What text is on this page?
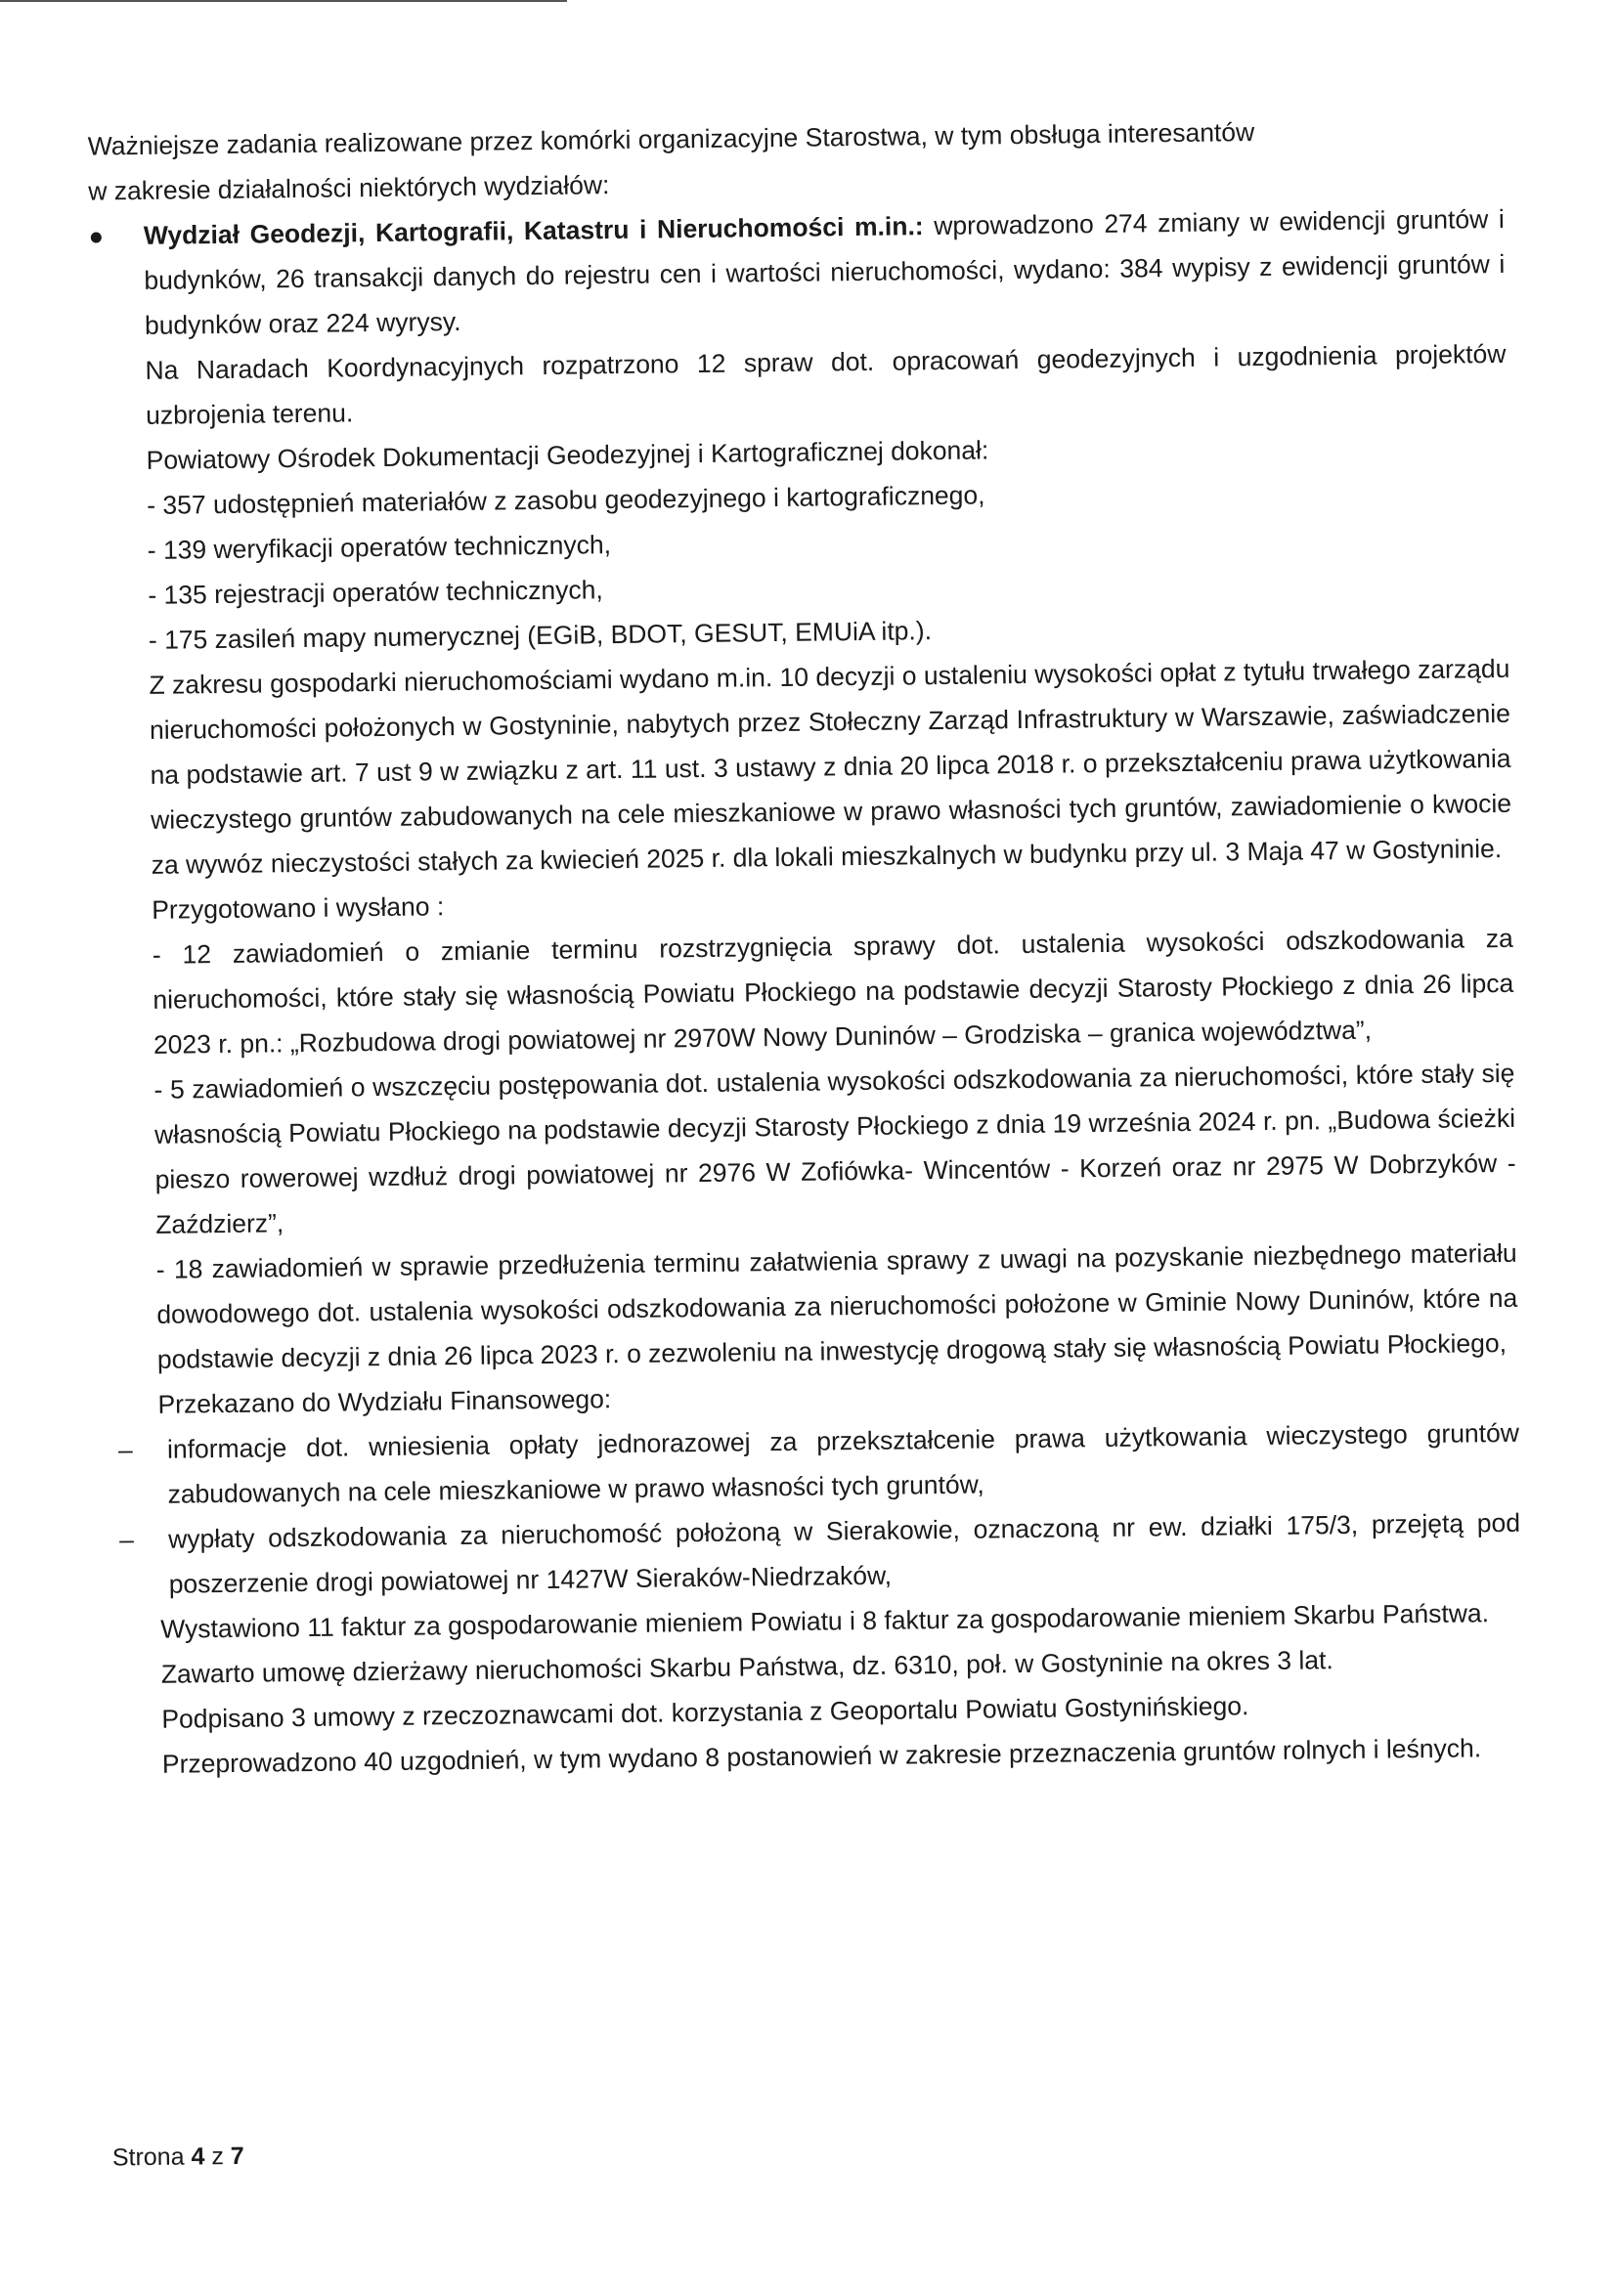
Ważniejsze zadania realizowane przez komórki organizacyjne Starostwa, w tym obsługa interesantów

w zakresie działalności niektórych wydziałów:

Wydział Geodezji, Kartografii, Katastru i Nieruchomości m.in.: wprowadzono 274 zmiany w ewidencji gruntów i budynków, 26 transakcji danych do rejestru cen i wartości nieruchomości, wydano: 384 wypisy z ewidencji gruntów i budynków oraz 224 wyrysy.

Na Naradach Koordynacyjnych rozpatrzono 12 spraw dot. opracowań geodezyjnych i uzgodnienia projektów uzbrojenia terenu.

Powiatowy Ośrodek Dokumentacji Geodezyjnej i Kartograficznej dokonał:

- 357 udostępnień materiałów z zasobu geodezyjnego i kartograficznego,

- 139 weryfikacji operatów technicznych,

- 135 rejestracji operatów technicznych,

- 175 zasileń mapy numerycznej (EGiB, BDOT, GESUT, EMUiA itp.).

Z zakresu gospodarki nieruchomościami wydano m.in. 10 decyzji o ustaleniu wysokości opłat z tytułu trwałego zarządu nieruchomości położonych w Gostyninie, nabytych przez Stołeczny Zarząd Infrastruktury w Warszawie, zaświadczenie na podstawie art. 7 ust 9 w związku z art. 11 ust. 3 ustawy z dnia 20 lipca 2018 r. o przekształceniu prawa użytkowania wieczystego gruntów zabudowanych na cele mieszkaniowe w prawo własności tych gruntów, zawiadomienie o kwocie za wywóz nieczystości stałych za kwiecień 2025 r. dla lokali mieszkalnych w budynku przy ul. 3 Maja 47 w Gostyninie.

Przygotowano i wysłano :

- 12 zawiadomień o zmianie terminu rozstrzygnięcia sprawy dot. ustalenia wysokości odszkodowania za nieruchomości, które stały się własnością Powiatu Płockiego na podstawie decyzji Starosty Płockiego z dnia 26 lipca 2023 r. pn.: „Rozbudowa drogi powiatowej nr 2970W Nowy Duninów – Grodziska – granica województwa”,

- 5 zawiadomień o wszczęciu postępowania dot. ustalenia wysokości odszkodowania za nieruchomości, które stały się własnością Powiatu Płockiego na podstawie decyzji Starosty Płockiego z dnia 19 września 2024 r. pn. „Budowa ścieżki pieszo rowerowej wzdłuż drogi powiatowej nr 2976 W Zofiówka- Wincentów - Korzeń oraz nr 2975 W Dobrzyków - Zaździerz”,

- 18 zawiadomień w sprawie przedłużenia terminu załatwienia sprawy z uwagi na pozyskanie niezbędnego materiału dowodowego dot. ustalenia wysokości odszkodowania za nieruchomości położone w Gminie Nowy Duninów, które na podstawie decyzji z dnia 26 lipca 2023 r. o zezwoleniu na inwestycję drogową stały się własnością Powiatu Płockiego,

Przekazano do Wydziału Finansowego:

– informacje dot. wniesienia opłaty jednorazowej za przekształcenie prawa użytkowania wieczystego gruntów zabudowanych na cele mieszkaniowe w prawo własności tych gruntów,

– wypłaty odszkodowania za nieruchomość położoną w Sierakowie, oznaczoną nr ew. działki 175/3, przejętą pod poszerzenie drogi powiatowej nr 1427W Sieraków-Niedrzaków,

Wystawiono 11 faktur za gospodarowanie mieniem Powiatu i 8 faktur za gospodarowanie mieniem Skarbu Państwa.

Zawarto umowę dzierżawy nieruchomości Skarbu Państwa, dz. 6310, poł. w Gostyninie na okres 3 lat.

Podpisano 3 umowy z rzeczoznawcami dot. korzystania z Geoportalu Powiatu Gostynińskiego.

Przeprowadzono 40 uzgodnień, w tym wydano 8 postanowień w zakresie przeznaczenia gruntów rolnych i leśnych.

Strona 4 z 7
